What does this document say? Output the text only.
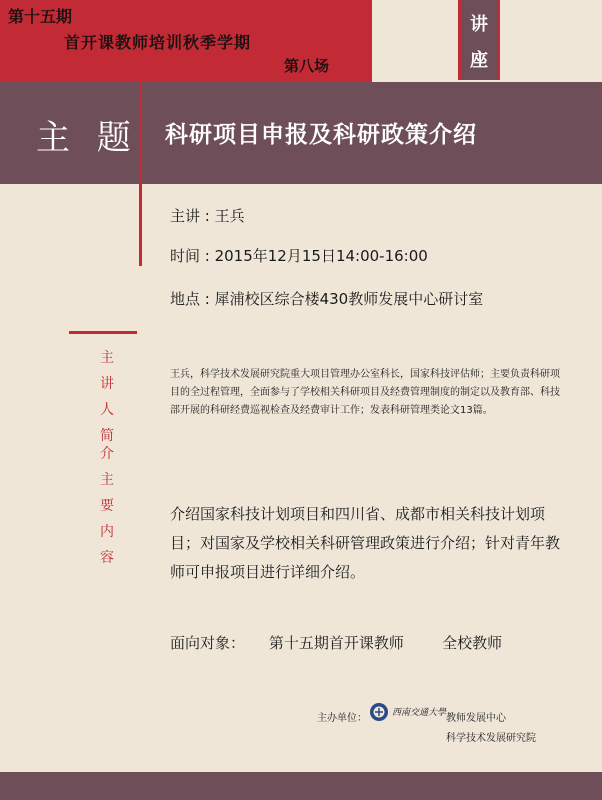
第十五期
首开课教师培训秋季学期
第八场
讲
座
主 题 科研项目申报及科研政策介绍
主讲 : 王兵
时间 : 2015年12月15日14:00-16:00
地点 : 犀浦校区综合楼430教师发展中心研讨室
主
讲
人
简
主
要
内
容
介
王兵，科学技术发展研究院重大项目管理办公室科长，国家科技评估师；主要负责科研项目的全过程管理，全面参与了学校相关科研项目及经费管理制度的制定以及教育部、科技部开展的科研经费巡视检查及经费审计工作；发表科研管理类论文13篇。
介绍国家科技计划项目和四川省、成都市相关科技计划项目；对国家及学校相关科研管理政策进行介绍；针对青年教师可申报项目进行详细介绍。
面向对象： 第十五期首开课教师	全校教师
主办单位：	西南交通大學 教师发展中心
科学技术发展研究院
